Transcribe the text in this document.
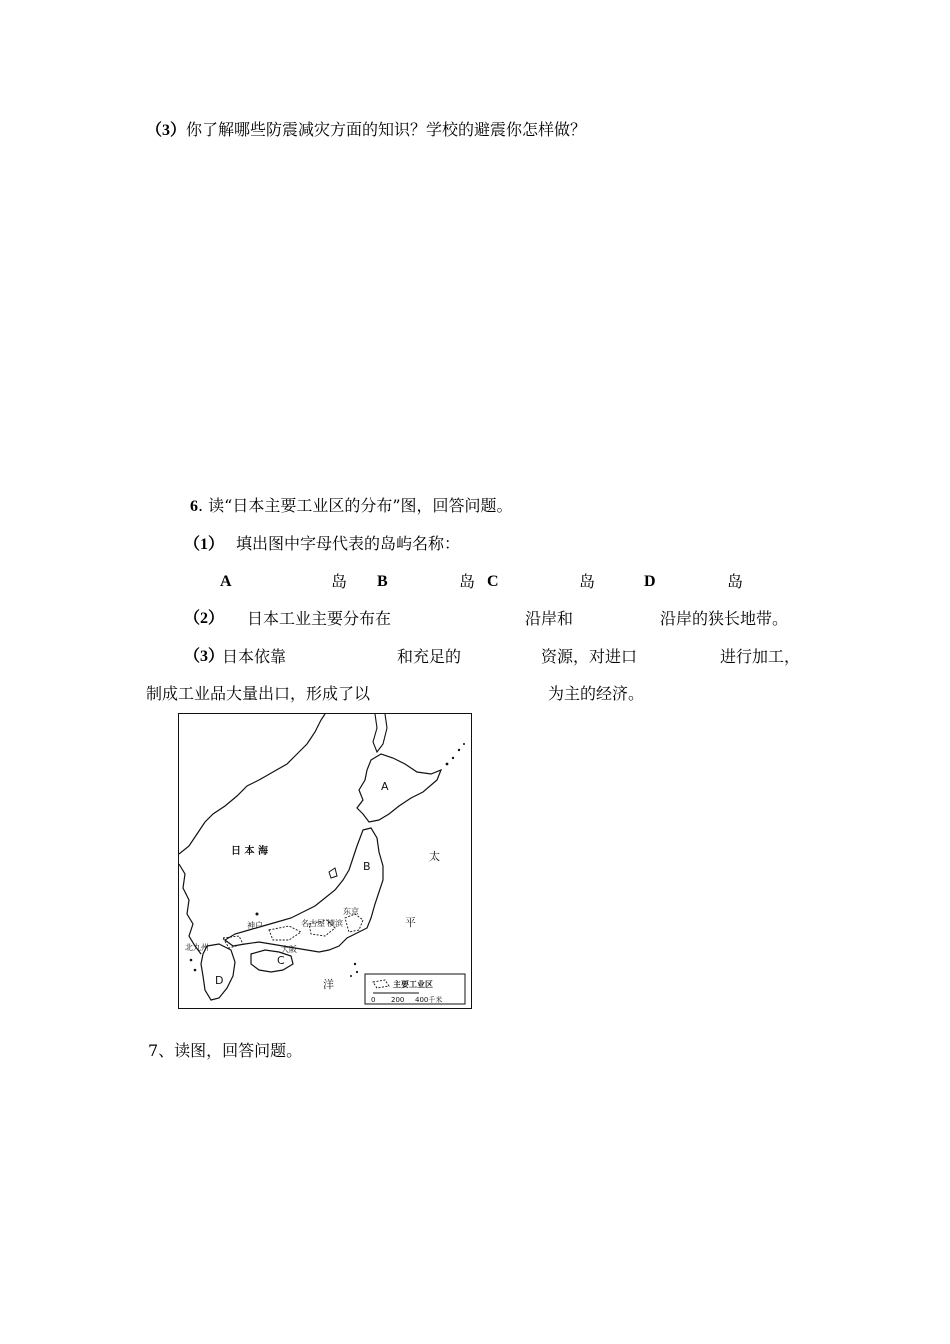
（3）你了解哪些防震减灾方面的知识？学校的避震你怎样做？
6. 读“日本主要工业区的分布”图，回答问题。
（1） 填出图中字母代表的岛屿名称：
A	岛 B	岛 C	岛	D	岛
（2） 日本工业主要分布在	沿岸和	沿岸的狭长地带。
（3）
日本依靠	和充足的	资源，对进口	进行加工，
制成工业品大量出口，形成了以	为主的经济。
A
B
C
D
日 本 海	太
平
洋
东京
名古屋 横滨
神户
大阪
北九州
主要工业区
0 200 400千米
7、读图，回答问题。
